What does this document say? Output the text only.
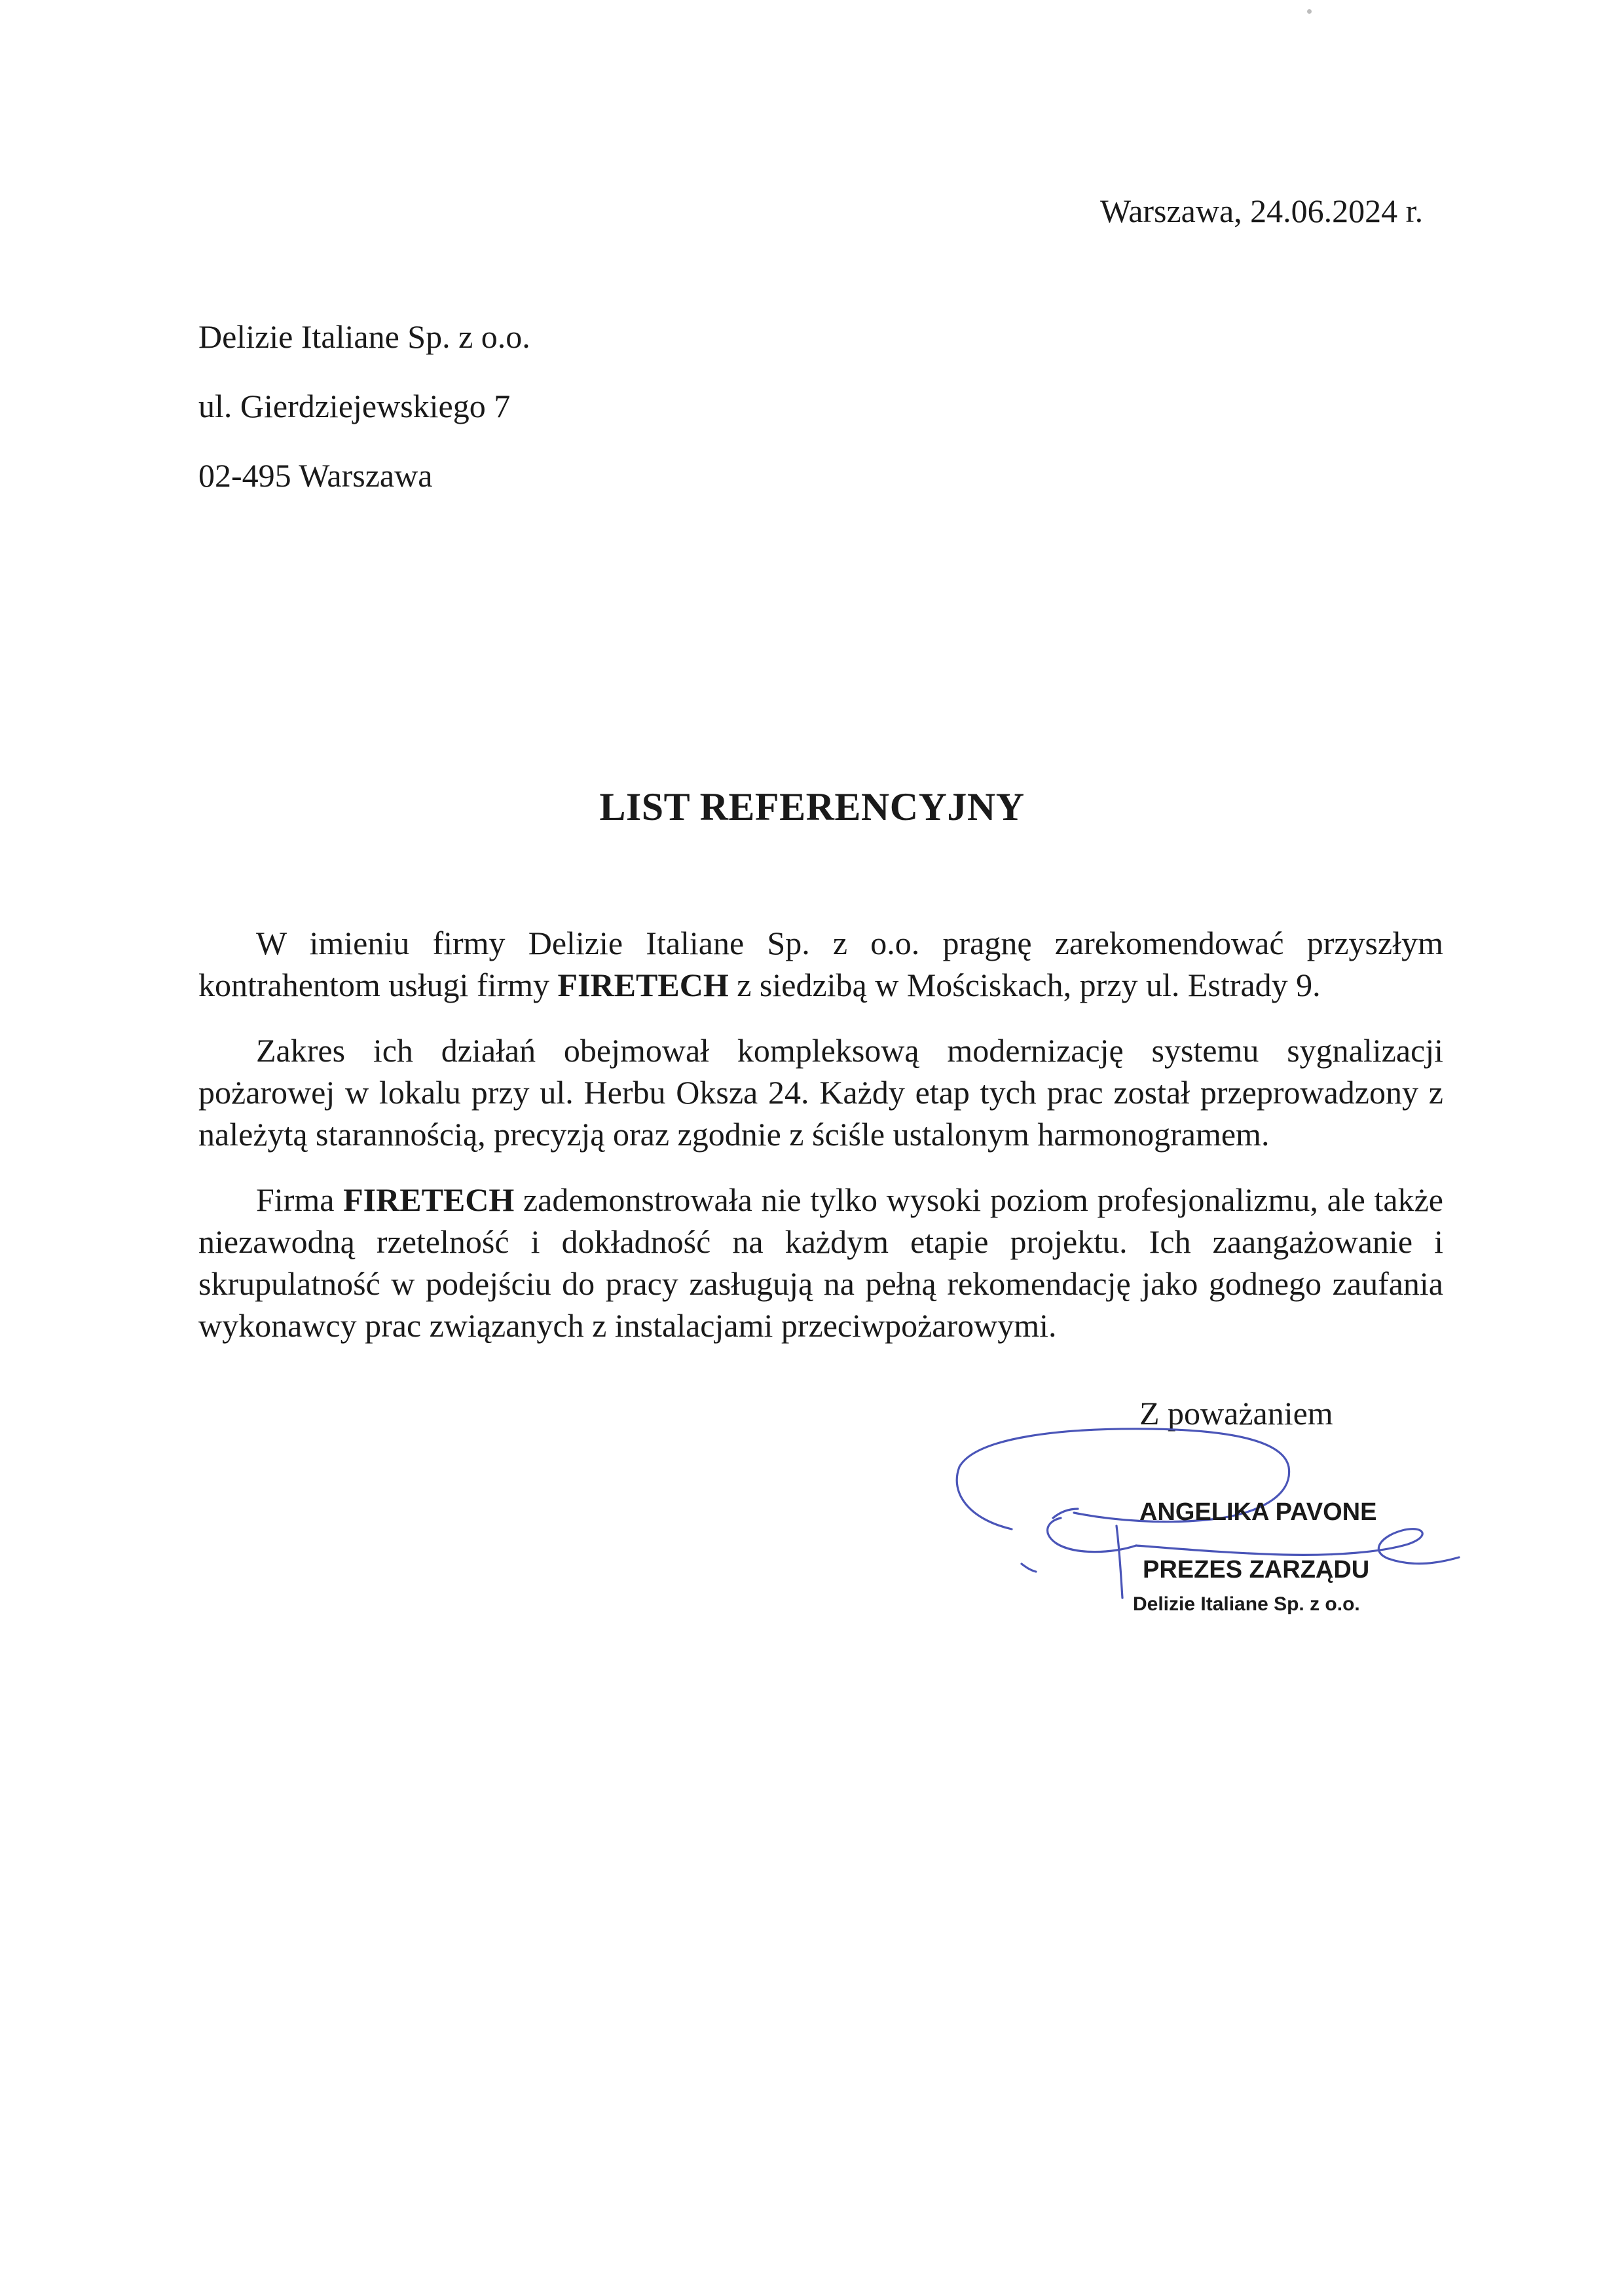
Warszawa, 24.06.2024 r.
Delizie Italiane Sp. z o.o.
ul. Gierdziejewskiego 7
02-495 Warszawa
LIST REFERENCYJNY

W imieniu firmy Delizie Italiane Sp. z o.o. pragnę zarekomendować przyszłym kontrahentom usługi firmy FIRETECH z siedzibą w Mościskach, przy ul. Estrady 9.

Zakres ich działań obejmował kompleksową modernizację systemu sygnalizacji pożarowej w lokalu przy ul. Herbu Oksza 24. Każdy etap tych prac został przeprowadzony z należytą starannością, precyzją oraz zgodnie z ściśle ustalonym harmonogramem.

Firma FIRETECH zademonstrowała nie tylko wysoki poziom profesjonalizmu, ale także niezawodną rzetelność i dokładność na każdym etapie projektu. Ich zaangażowanie i skrupulatność w podejściu do pracy zasługują na pełną rekomendację jako godnego zaufania wykonawcy prac związanych z instalacjami przeciwpożarowymi.

Z poważaniem
ANGELIKA PAVONE
PREZES ZARZĄDU
Delizie Italiane Sp. z o.o.
